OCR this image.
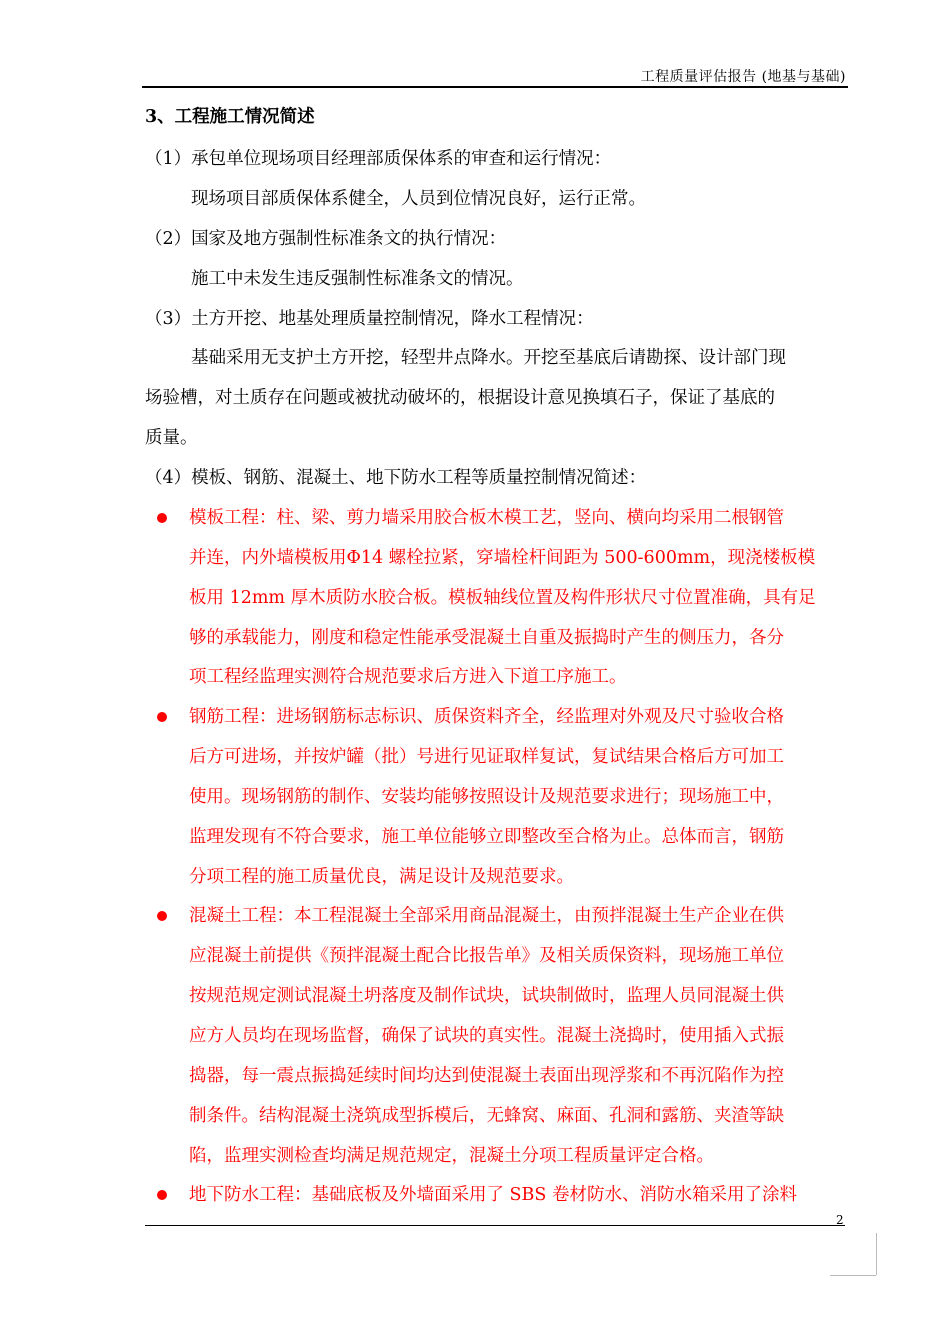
工程质量评估报告 (地基与基础)
3、工程施工情况简述
（1）承包单位现场项目经理部质保体系的审查和运行情况：
现场项目部质保体系健全，人员到位情况良好，运行正常。
（2）国家及地方强制性标准条文的执行情况：
施工中未发生违反强制性标准条文的情况。
（3）土方开挖、地基处理质量控制情况，降水工程情况：
基础采用无支护土方开挖，轻型井点降水。开挖至基底后请勘探、设计部门现
场验槽，对土质存在问题或被扰动破坏的，根据设计意见换填石子，保证了基底的
质量。
（4）模板、钢筋、混凝土、地下防水工程等质量控制情况简述：
模板工程：柱、梁、剪力墙采用胶合板木模工艺，竖向、横向均采用二根钢管
并连，内外墙模板用Φ14 螺栓拉紧，穿墙栓杆间距为 500-600mm，现浇楼板模
板用 12mm 厚木质防水胶合板。模板轴线位置及构件形状尺寸位置准确，具有足
够的承载能力，刚度和稳定性能承受混凝土自重及振捣时产生的侧压力，各分
项工程经监理实测符合规范要求后方进入下道工序施工。
钢筋工程：进场钢筋标志标识、质保资料齐全，经监理对外观及尺寸验收合格
后方可进场，并按炉罐（批）号进行见证取样复试，复试结果合格后方可加工
使用。现场钢筋的制作、安装均能够按照设计及规范要求进行；现场施工中，
监理发现有不符合要求，施工单位能够立即整改至合格为止。总体而言，钢筋
分项工程的施工质量优良，满足设计及规范要求。
混凝土工程：本工程混凝土全部采用商品混凝土，由预拌混凝土生产企业在供
应混凝土前提供《预拌混凝土配合比报告单》及相关质保资料，现场施工单位
按规范规定测试混凝土坍落度及制作试块，试块制做时，监理人员同混凝土供
应方人员均在现场监督，确保了试块的真实性。混凝土浇捣时，使用插入式振
捣器，每一震点振捣延续时间均达到使混凝土表面出现浮浆和不再沉陷作为控
制条件。结构混凝土浇筑成型拆模后，无蜂窝、麻面、孔洞和露筋、夹渣等缺
陷，监理实测检查均满足规范规定，混凝土分项工程质量评定合格。
地下防水工程：基础底板及外墙面采用了 SBS 卷材防水、消防水箱采用了涂料
2
